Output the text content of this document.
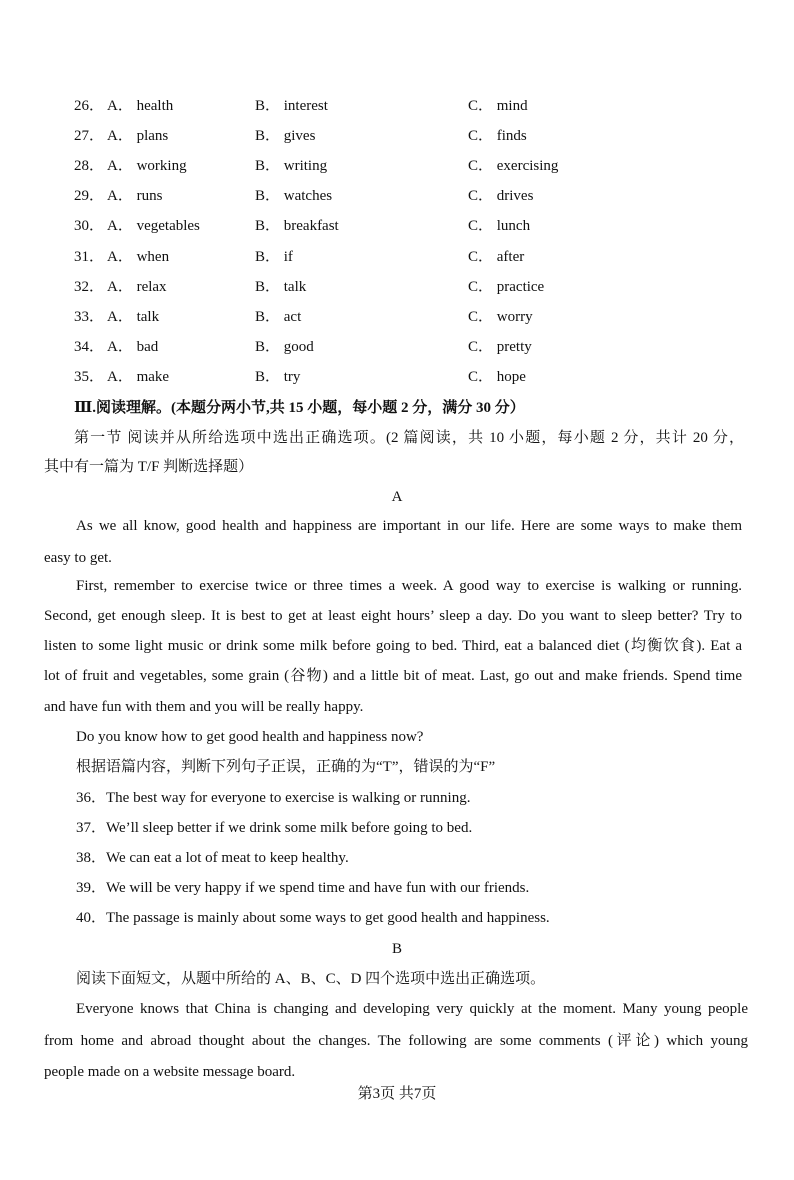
26． A． health	B． interest	C． mind
27． A． plans	B． gives	C． finds
28． A． working	B． writing	C． exercising
29． A． runs	B． watches	C． drives
30． A． vegetables	B． breakfast	C． lunch
31． A． when	B． if	C． after
32． A． relax	B． talk	C． practice
33． A． talk	B． act	C． worry
34． A． bad	B． good	C． pretty
35． A． make	B． try	C． hope
Ⅲ.阅读理解。(本题分两小节,共 15 小题，每小题 2 分，满分 30 分）
第一节 阅读并从所给选项中选出正确选项。(2 篇阅读，共 10 小题，每小题 2 分，共计 20 分，
其中有一篇为 T/F 判断选择题）
A
As we all know, good health and happiness are important in our life. Here are some ways to make them
easy to get.
First, remember to exercise twice or three times a week. A good way to exercise is walking or running.
Second, get enough sleep. It is best to get at least eight hours’ sleep a day. Do you want to sleep better? Try to
listen to some light music or drink some milk before going to bed. Third, eat a balanced diet (均衡饮食). Eat a
lot of fruit and vegetables, some grain (谷物) and a little bit of meat. Last, go out and make friends. Spend time
and have fun with them and you will be really happy.
Do you know how to get good health and happiness now?
根据语篇内容，判断下列句子正误，正确的为“T”，错误的为“F”
36．The best way for everyone to exercise is walking or running.
37．We’ll sleep better if we drink some milk before going to bed.
38．We can eat a lot of meat to keep healthy.
39．We will be very happy if we spend time and have fun with our friends.
40．The passage is mainly about some ways to get good health and happiness.
B
阅读下面短文，从题中所给的 A、B、C、D 四个选项中选出正确选项。
Everyone knows that China is changing and developing very quickly at the moment. Many young people
from home and abroad thought about the changes. The following are some comments (评论) which young
people made on a website message board.
第3页 共7页
